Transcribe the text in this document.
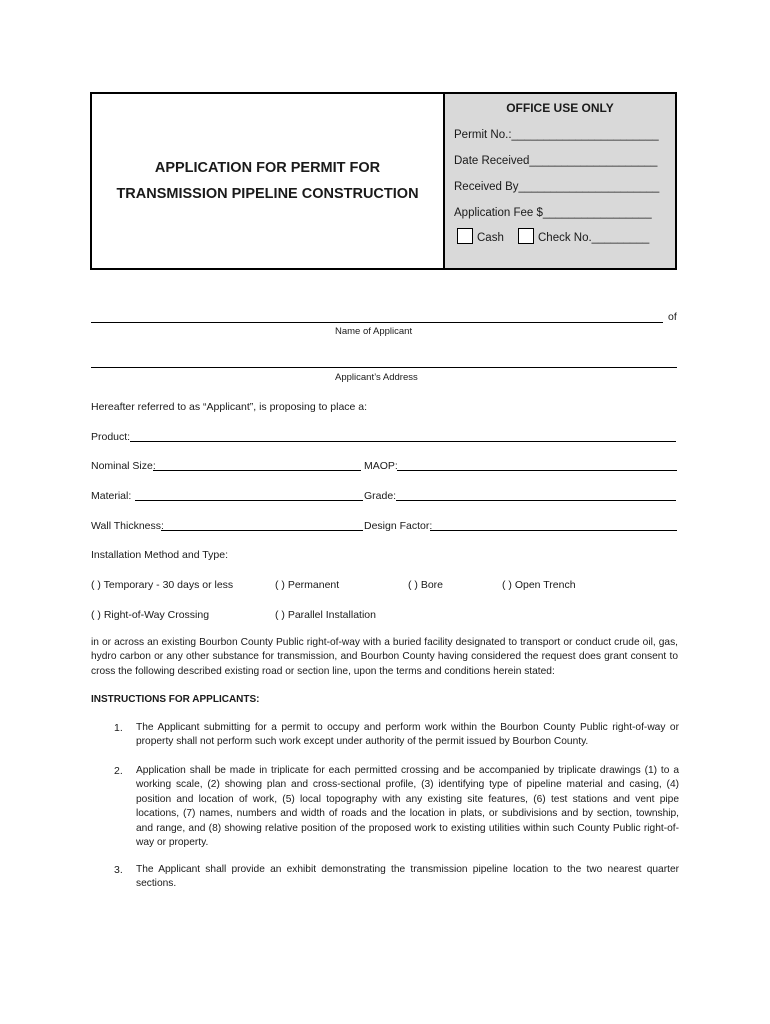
APPLICATION FOR PERMIT FOR
TRANSMISSION PIPELINE CONSTRUCTION
OFFICE USE ONLY
Permit No.:_______________________
Date Received____________________
Received By______________________
Application Fee $_________________
Cash	Check No._________
of
Name of Applicant
Applicant’s Address
Hereafter referred to as “Applicant”, is proposing to place a:
Product:
Nominal Size:	MAOP:
Material:	Grade:
Wall Thickness:	Design Factor:
Installation Method and Type:
( ) Temporary - 30 days or less	( ) Permanent	( ) Bore	( ) Open Trench
( ) Right-of-Way Crossing	( ) Parallel Installation
in or across an existing Bourbon County Public right-of-way with a buried facility designated to transport or conduct crude oil, gas, hydro carbon or any other substance for transmission, and Bourbon County having considered the request does grant consent to cross the following described existing road or section line, upon the terms and conditions herein stated:
INSTRUCTIONS FOR APPLICANTS:
1. The Applicant submitting for a permit to occupy and perform work within the Bourbon County Public right-of-way or property shall not perform such work except under authority of the permit issued by Bourbon County.
2. Application shall be made in triplicate for each permitted crossing and be accompanied by triplicate drawings (1) to a working scale, (2) showing plan and cross-sectional profile, (3) identifying type of pipeline material and casing, (4) position and location of work, (5) local topography with any existing site features, (6) test stations and vent pipe locations, (7) names, numbers and width of roads and the location in plats, or subdivisions and by section, township, and range, and (8) showing relative position of the proposed work to existing utilities within such County Public right-of-way or property.
3. The Applicant shall provide an exhibit demonstrating the transmission pipeline location to the two nearest quarter sections.
